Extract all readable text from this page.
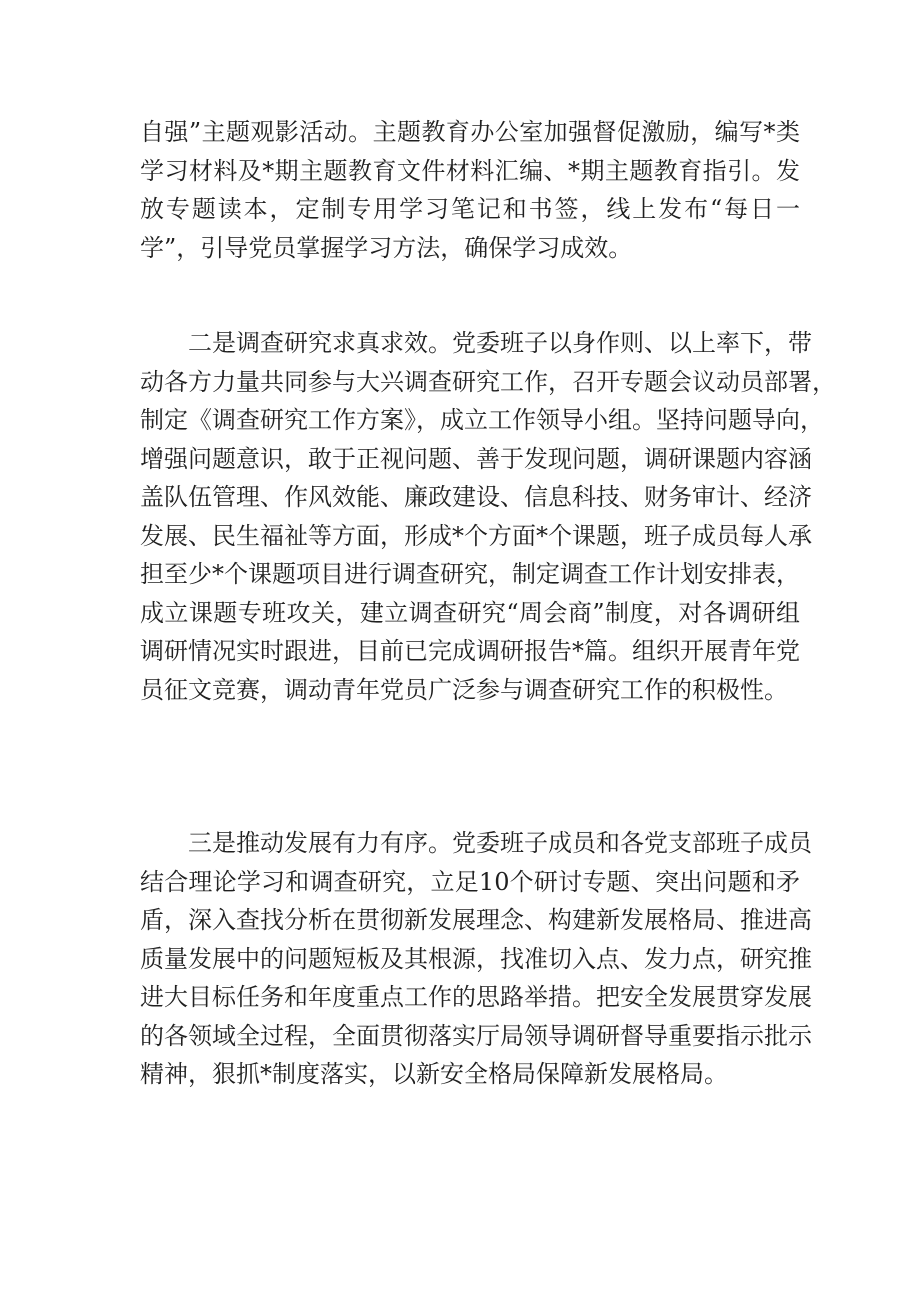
自强”主题观影活动。主题教育办公室加强督促激励，编写*类
学习材料及*期主题教育文件材料汇编、*期主题教育指引。发
放专题读本，定制专用学习笔记和书签，线上发布“每日一
学”，引导党员掌握学习方法，确保学习成效。
二是调查研究求真求效。党委班子以身作则、以上率下，带
动各方力量共同参与大兴调查研究工作，召开专题会议动员部署，
制定《调查研究工作方案》，成立工作领导小组。坚持问题导向，
增强问题意识，敢于正视问题、善于发现问题，调研课题内容涵
盖队伍管理、作风效能、廉政建设、信息科技、财务审计、经济
发展、民生福祉等方面，形成*个方面*个课题，班子成员每人承
担至少*个课题项目进行调查研究，制定调查工作计划安排表，
成立课题专班攻关，建立调查研究“周会商”制度，对各调研组
调研情况实时跟进，目前已完成调研报告*篇。组织开展青年党
员征文竞赛，调动青年党员广泛参与调查研究工作的积极性。
三是推动发展有力有序。党委班子成员和各党支部班子成员
结合理论学习和调查研究，立足10个研讨专题、突出问题和矛
盾，深入查找分析在贯彻新发展理念、构建新发展格局、推进高
质量发展中的问题短板及其根源，找准切入点、发力点，研究推
进大目标任务和年度重点工作的思路举措。把安全发展贯穿发展
的各领域全过程，全面贯彻落实厅局领导调研督导重要指示批示
精神，狠抓*制度落实，以新安全格局保障新发展格局。
